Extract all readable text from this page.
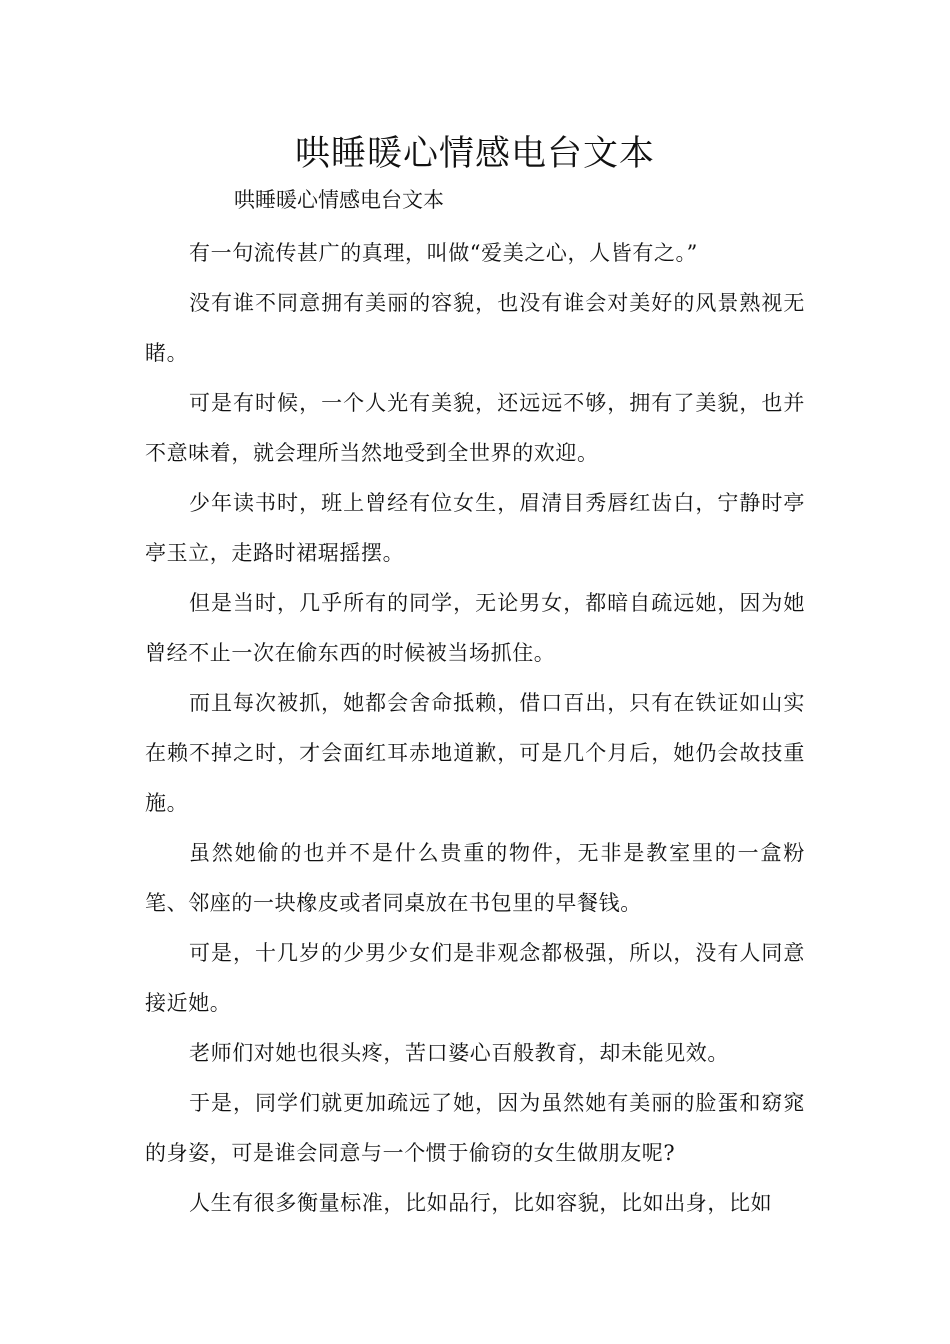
哄睡暖心情感电台文本

哄睡暖心情感电台文本

有一句流传甚广的真理，叫做“爱美之心，人皆有之。”

没有谁不同意拥有美丽的容貌，也没有谁会对美好的风景熟视无睹。

可是有时候，一个人光有美貌，还远远不够，拥有了美貌，也并不意味着，就会理所当然地受到全世界的欢迎。

少年读书时，班上曾经有位女生，眉清目秀唇红齿白，宁静时亭亭玉立，走路时裙琚摇摆。

但是当时，几乎所有的同学，无论男女，都暗自疏远她，因为她曾经不止一次在偷东西的时候被当场抓住。

而且每次被抓，她都会舍命抵赖，借口百出，只有在铁证如山实在赖不掉之时，才会面红耳赤地道歉，可是几个月后，她仍会故技重施。

虽然她偷的也并不是什么贵重的物件，无非是教室里的一盒粉笔、邻座的一块橡皮或者同桌放在书包里的早餐钱。

可是，十几岁的少男少女们是非观念都极强，所以，没有人同意接近她。

老师们对她也很头疼，苦口婆心百般教育，却未能见效。

于是，同学们就更加疏远了她，因为虽然她有美丽的脸蛋和窈窕的身姿，可是谁会同意与一个惯于偷窃的女生做朋友呢?

人生有很多衡量标准，比如品行，比如容貌，比如出身，比如
